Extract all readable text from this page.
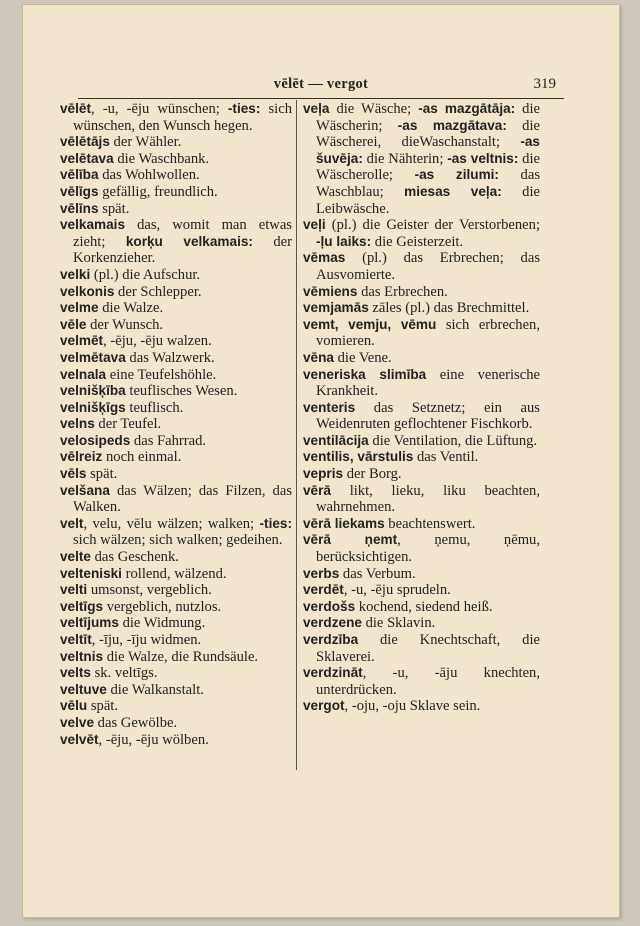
vēlēt — vergot	319

vēlēt, -u, -ēju wünschen; -ties: sich wünschen, den Wunsch hegen.

vēlētājs der Wähler.

velētava die Waschbank.

vēlība das Wohlwollen.

vēlīgs gefällig, freundlich.

vēlīns spät.

velkamais das, womit man etwas zieht; korķu velkamais: der Korkenzieher.

velki (pl.) die Aufschur.

velkonis der Schlepper.

velme die Walze.

vēle der Wunsch.

velmēt, -ēju, -ēju walzen.

velmētava das Walzwerk.

velnala eine Teufelshöhle.

velnišķība teuflisches Wesen.

velnišķīgs teuflisch.

velns der Teufel.

velosipeds das Fahrrad.

vēlreiz noch einmal.

vēls spät.

velšana das Wälzen; das Filzen, das Walken.

velt, velu, vēlu wälzen; walken; -ties: sich wälzen; sich walken; gedeihen.

velte das Geschenk.

velteniski rollend, wälzend.

velti umsonst, vergeblich.

veltīgs vergeblich, nutzlos.

veltījums die Widmung.

veltīt, -īju, -īju widmen.

veltnis die Walze, die Rundsäule.

velts sk. veltīgs.

veltuve die Walkanstalt.

vēlu spät.

velve das Gewölbe.

velvēt, -ēju, -ēju wölben.

veļa die Wäsche; -as mazgātāja: die Wäscherin; -as mazgātava: die Wäscherei, dieWaschanstalt; -as šuvēja: die Nähterin; -as veltnis: die Wäscherolle; -as zilumi: das Waschblau; miesas veļa: die Leibwäsche.

veļi (pl.) die Geister der Verstorbenen; -ļu laiks: die Geisterzeit.

vēmas (pl.) das Erbrechen; das Ausvomierte.

vēmiens das Erbrechen.

vemjamās zāles (pl.) das Brechmittel.

vemt, vemju, vēmu sich erbrechen, vomieren.

vēna die Vene.

veneriska slimība eine venerische Krankheit.

venteris das Setznetz; ein aus Weidenruten geflochtener Fischkorb.

ventilācija die Ventilation, die Lüftung.

ventilis, vārstulis das Ventil.

vepris der Borg.

vērā likt, lieku, liku beachten, wahrnehmen.

vērā liekams beachtenswert.

vērā ņemt, ņemu, ņēmu, berücksichtigen.

verbs das Verbum.

verdēt, -u, -ēju sprudeln.

verdošs kochend, siedend heiß.

verdzene die Sklavin.

verdzība die Knechtschaft, die Sklaverei.

verdzināt, -u, -āju knechten, unterdrücken.

vergot, -oju, -oju Sklave sein.
